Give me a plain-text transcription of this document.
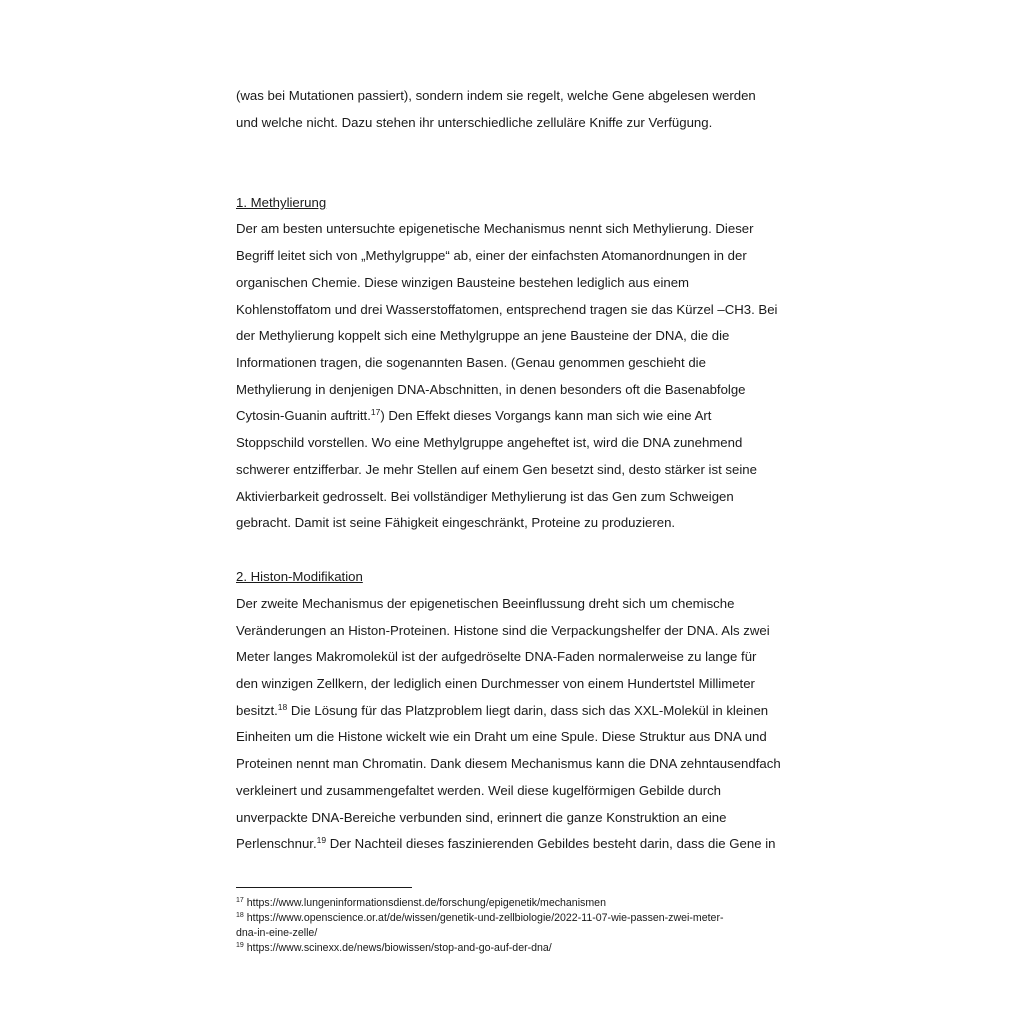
(was bei Mutationen passiert), sondern indem sie regelt, welche Gene abgelesen werden
und welche nicht. Dazu stehen ihr unterschiedliche zelluläre Kniffe zur Verfügung.
1. Methylierung
Der am besten untersuchte epigenetische Mechanismus nennt sich Methylierung. Dieser
Begriff leitet sich von „Methylgruppe“ ab, einer der einfachsten Atomanordnungen in der
organischen Chemie. Diese winzigen Bausteine bestehen lediglich aus einem
Kohlenstoffatom und drei Wasserstoffatomen, entsprechend tragen sie das Kürzel –CH3. Bei
der Methylierung koppelt sich eine Methylgruppe an jene Bausteine der DNA, die die
Informationen tragen, die sogenannten Basen. (Genau genommen geschieht die
Methylierung in denjenigen DNA-Abschnitten, in denen besonders oft die Basenabfolge
Cytosin-Guanin auftritt.$^{17}$) Den Effekt dieses Vorgangs kann man sich wie eine Art
Stoppschild vorstellen. Wo eine Methylgruppe angeheftet ist, wird die DNA zunehmend
schwerer entzifferbar. Je mehr Stellen auf einem Gen besetzt sind, desto stärker ist seine
Aktivierbarkeit gedrosselt. Bei vollständiger Methylierung ist das Gen zum Schweigen
gebracht. Damit ist seine Fähigkeit eingeschränkt, Proteine zu produzieren.
2. Histon-Modifikation
Der zweite Mechanismus der epigenetischen Beeinflussung dreht sich um chemische
Veränderungen an Histon-Proteinen. Histone sind die Verpackungshelfer der DNA. Als zwei
Meter langes Makromolekül ist der aufgedröselte DNA-Faden normalerweise zu lange für
den winzigen Zellkern, der lediglich einen Durchmesser von einem Hundertstel Millimeter
besitzt.$^{18}$ Die Lösung für das Platzproblem liegt darin, dass sich das XXL-Molekül in kleinen
Einheiten um die Histone wickelt wie ein Draht um eine Spule. Diese Struktur aus DNA und
Proteinen nennt man Chromatin. Dank diesem Mechanismus kann die DNA zehntausendfach
verkleinert und zusammengefaltet werden. Weil diese kugelförmigen Gebilde durch
unverpackte DNA-Bereiche verbunden sind, erinnert die ganze Konstruktion an eine
Perlenschnur.$^{19}$ Der Nachteil dieses faszinierenden Gebildes besteht darin, dass die Gene in
$^{17}$ https://www.lungeninformationsdienst.de/forschung/epigenetik/mechanismen
$^{18}$ https://www.openscience.or.at/de/wissen/genetik-und-zellbiologie/2022-11-07-wie-passen-zwei-meter-
dna-in-eine-zelle/
$^{19}$ https://www.scinexx.de/news/biowissen/stop-and-go-auf-der-dna/
